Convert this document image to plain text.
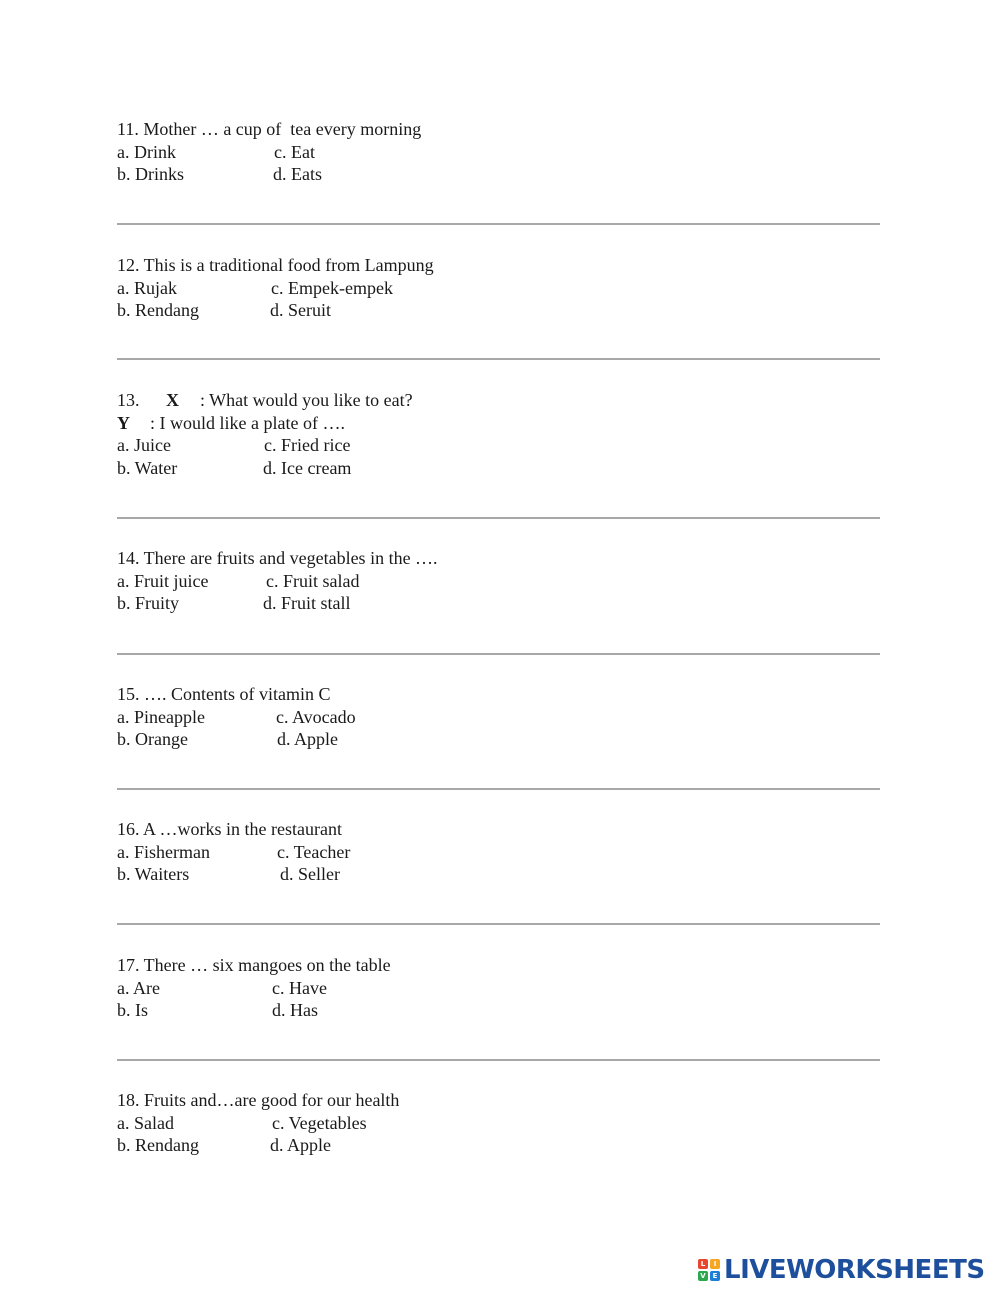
11. Mother … a cup of  tea every morning
a. Drink	c. Eat
b. Drinks	d. Eats
12. This is a traditional food from Lampung
a. Rujak	c. Empek-empek
b. Rendang	d. Seruit
13. X : What would you like to eat?
Y : I would like a plate of ….
a. Juice	c. Fried rice
b. Water	d. Ice cream
14. There are fruits and vegetables in the ….
a. Fruit juice	c. Fruit salad
b. Fruity	d. Fruit stall
15. …. Contents of vitamin C
a. Pineapple	c. Avocado
b. Orange	d. Apple
16. A …works in the restaurant
a. Fisherman	c. Teacher
b. Waiters	d. Seller
17. There … six mangoes on the table
a. Are	c. Have
b. Is	d. Has
18. Fruits and…are good for our health
a. Salad	c. Vegetables
b. Rendang	d. Apple
L	I
V E LIVEWORKSHEETS
